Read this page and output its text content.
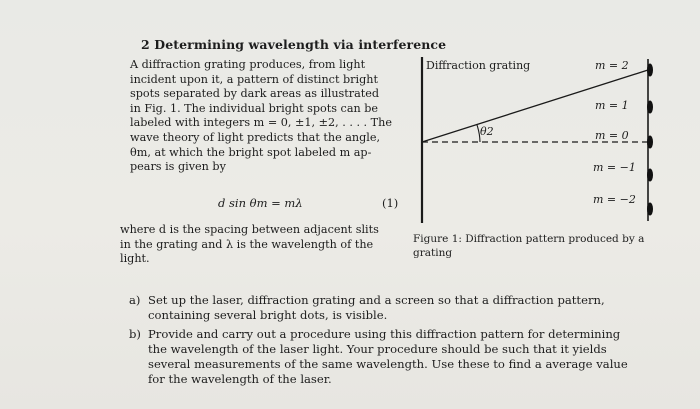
2 Determining wavelength via interference
A diffraction grating produces, from light
incident upon it, a pattern of distinct bright
spots separated by dark areas as illustrated
in Fig. 1. The individual bright spots can be
labeled with integers m = 0, ±1, ±2, . . . . The
wave theory of light predicts that the angle,
θm, at which the bright spot labeled m ap-
pears is given by
d sin θm = mλ	(1)
where d is the spacing between adjacent slits
in the grating and λ is the wavelength of the
light.
Diffraction grating
θ2
m = 2
m = 1
m = 0
m = −1
m = −2
Figure 1: Diffraction pattern produced by a
grating
a) Set up the laser, diffraction grating and a screen so that a diffraction pattern,
containing several bright dots, is visible.
b) Provide and carry out a procedure using this diffraction pattern for determining
the wavelength of the laser light. Your procedure should be such that it yields
several measurements of the same wavelength. Use these to find a average value
for the wavelength of the laser.
